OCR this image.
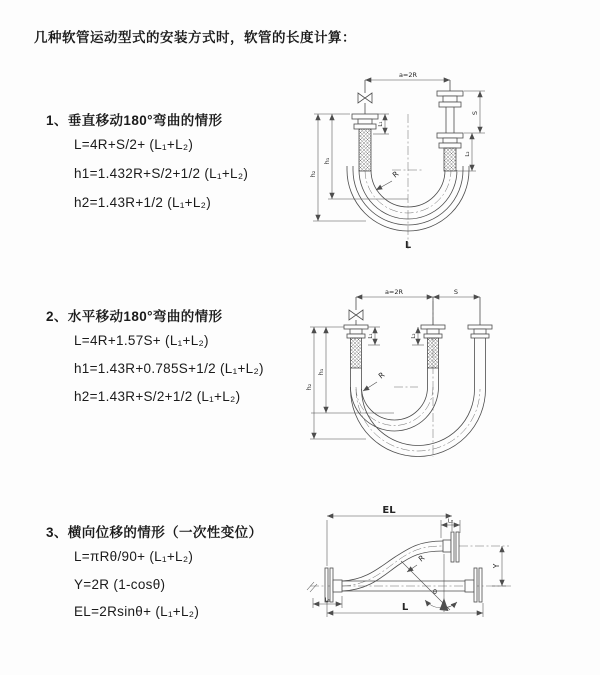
几种软管运动型式的安装方式时，软管的长度计算：
1、垂直移动180°弯曲的情形
L=4R+S/2+ (L₁+L₂)
h1=1.432R+S/2+1/2 (L₁+L₂)
h2=1.43R+1/2 (L₁+L₂)
2、水平移动180°弯曲的情形
L=4R+1.57S+ (L₁+L₂)
h1=1.43R+0.785S+1/2 (L₁+L₂)
h2=1.43R+S/2+1/2 (L₁+L₂)
3、横向位移的情形（一次性变位）
L=πRθ/90+ (L₁+L₂)
Y=2R (1-cosθ)
EL=2Rsinθ+ (L₁+L₂)
a=2R
h₁
h₂
L₁
S
L₂
R
L
a=2R	S
h₁
h₂
L₁	L₂
R
θ
EL
L₂
Y
L
L₁
R
